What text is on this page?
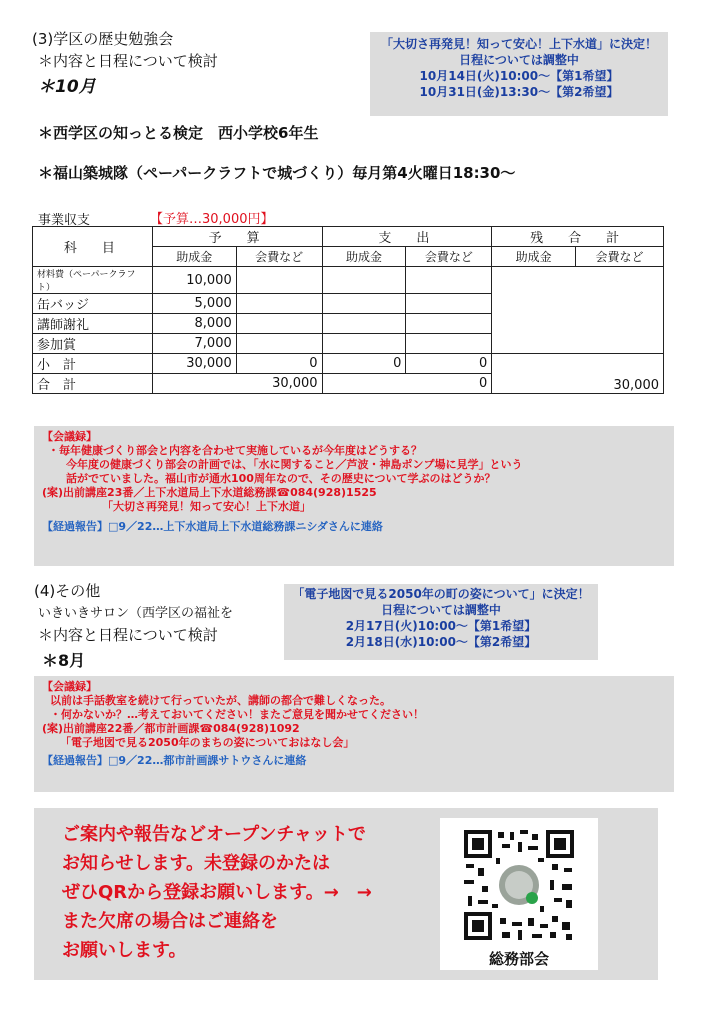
(3)学区の歴史勉強会
＊内容と日程について検討
＊10月
「大切さ再発見！知って安心！上下水道」に決定！
日程については調整中
10月14日(火)10:00～【第1希望】
10月31日(金)13:30～【第2希望】
＊西学区の知っとる検定　西小学校6年生
＊福山築城隊（ペーパークラフトで城づくり）毎月第4火曜日18:30～
事業収支	【予算…30,000円】
科　目	予　算		支　出		残　合　計	
	助成金	会費など	助成金	会費など	助成金	会費など
材料費（ペーパークラフト）	10,000					
缶バッジ	5,000					
講師謝礼	8,000					
参加賞	7,000					
小　計	30,000	0	0	0	30,000	
合　計	30,000		0			
【会議録】
・毎年健康づくり部会と内容を合わせて実施しているが今年度はどうする？
今年度の健康づくり部会の計画では、「水に関すること／芦波・神島ポンプ場に見学」という
話がでていました。福山市が通水100周年なので、その歴史について学ぶのはどうか？
(案)出前講座23番／上下水道局上下水道総務課☎084(928)1525
「大切さ再発見！知って安心！上下水道」
【経過報告】□9／22…上下水道局上下水道総務課ニシダさんに連絡
(4)その他
いきいきサロン（西学区の福祉を
＊内容と日程について検討
＊8月
「電子地図で見る2050年の町の姿について」に決定！
日程については調整中
2月17日(火)10:00～【第1希望】
2月18日(水)10:00～【第2希望】
【会議録】
以前は手話教室を続けて行っていたが、講師の都合で難しくなった。
・何かないか？…考えておいてください！またご意見を聞かせてください！
(案)出前講座22番／都市計画課☎084(928)1092
「電子地図で見る2050年のまちの姿についておはなし会」
【経過報告】□9／22…都市計画課サトウさんに連絡
ご案内や報告などオープンチャットで
お知らせします。未登録のかたは
ぜひQRから登録お願いします。→　→
また欠席の場合はご連絡を
お願いします。	総務部会
